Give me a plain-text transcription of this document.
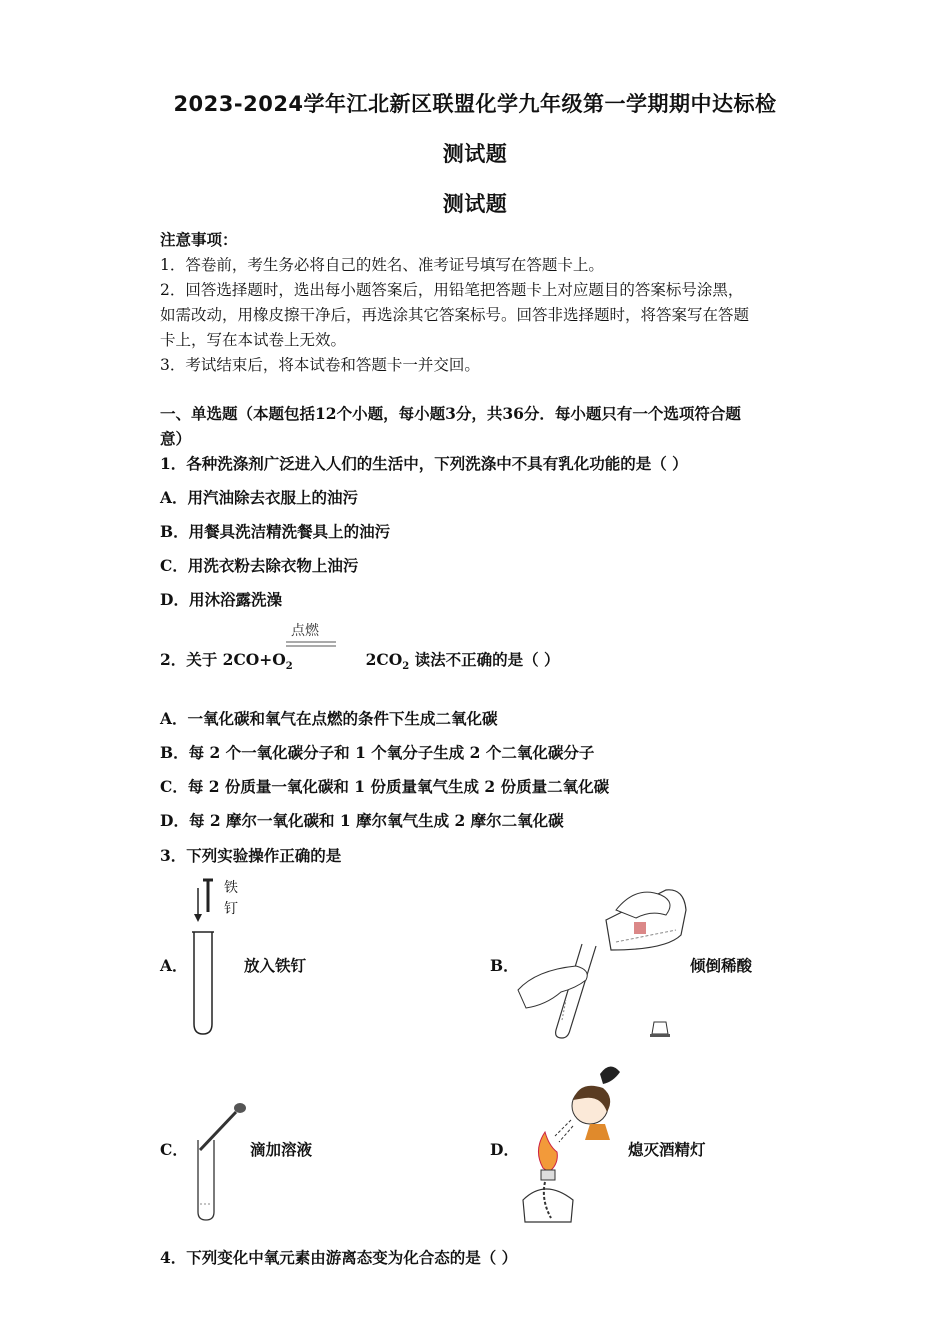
2023-2024学年江北新区联盟化学九年级第一学期期中达标检
测试题
测试题
注意事项：
1．答卷前，考生务必将自己的姓名、准考证号填写在答题卡上。
2．回答选择题时，选出每小题答案后，用铅笔把答题卡上对应题目的答案标号涂黑，
如需改动，用橡皮擦干净后，再选涂其它答案标号。回答非选择题时，将答案写在答题
卡上，写在本试卷上无效。
3．考试结束后，将本试卷和答题卡一并交回。
一、单选题（本题包括12个小题，每小题3分，共36分．每小题只有一个选项符合题
意）
1．各种洗涤剂广泛进入人们的生活中，下列洗涤中不具有乳化功能的是（ ）
A．用汽油除去衣服上的油污
B．用餐具洗洁精洗餐具上的油污
C．用洗衣粉去除衣物上油污
D．用沐浴露洗澡
2．关于 $2CO+O_2$	$2CO_2$ 读法不正确的是（ ）
点燃
A．一氧化碳和氧气在点燃的条件下生成二氧化碳
B．每 2 个一氧化碳分子和 1 个氧分子生成 2 个二氧化碳分子
C．每 2 份质量一氧化碳和 1 份质量氧气生成 2 份质量二氧化碳
D．每 2 摩尔一氧化碳和 1 摩尔氧气生成 2 摩尔二氧化碳
3．下列实验操作正确的是
A．	放入铁钉
铁
钉
B．	倾倒稀酸
C．	滴加溶液	D．	熄灭酒精灯
4．下列变化中氧元素由游离态变为化合态的是（ ）
